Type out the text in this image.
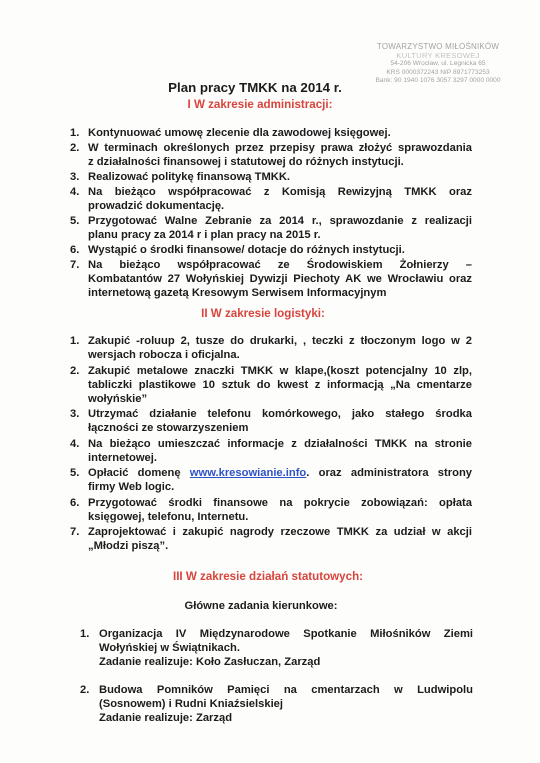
TOWARZYSTWO MIŁOŚNIKÓW
KULTURY KRESOWEJ
54-206 Wrocław, ul. Legnicka 65
KRS 0000372243 NIP 8971773253
Bank: 90 1940 1076 3057 3297 0000 0000
Plan pracy TMKK na 2014 r.
I W zakresie administracji:
1. Kontynuować umowę zlecenie dla zawodowej księgowej.
2. W terminach określonych przez przepisy prawa złożyć sprawozdania
z działalności finansowej i statutowej do różnych instytucji.
3. Realizować politykę finansową TMKK.
4. Na bieżąco współpracować z Komisją Rewizyjną TMKK oraz
prowadzić dokumentację.
5. Przygotować Walne Zebranie za 2014 r., sprawozdanie z realizacji
planu pracy za 2014 r i plan pracy na 2015 r.
6. Wystąpić o środki finansowe/ dotacje do różnych instytucji.
7. Na bieżąco współpracować ze Środowiskiem Żołnierzy –
Kombatantów 27 Wołyńskiej Dywizji Piechoty AK we Wrocławiu oraz
internetową gazetą Kresowym Serwisem Informacyjnym
II W zakresie logistyki:
1. Zakupić -roluup 2, tusze do drukarki, , teczki z tłoczonym logo w 2
wersjach robocza i oficjalna.
2. Zakupić metalowe znaczki TMKK w klape,(koszt potencjalny 10 zlp,
tabliczki plastikowe 10 sztuk do kwest z informacją „Na cmentarze
wołyńskie”
3. Utrzymać działanie telefonu komórkowego, jako stałego środka
łączności ze stowarzyszeniem
4. Na bieżąco umieszczać informacje z działalności TMKK na stronie
internetowej.
5. Opłacić domenę www.kresowianie.info. oraz administratora strony
firmy Web logic.
6. Przygotować środki finansowe na pokrycie zobowiązań: opłata
księgowej, telefonu, Internetu.
7. Zaprojektować i zakupić nagrody rzeczowe TMKK za udział w akcji
„Młodzi piszą”.
III W zakresie działań statutowych:
Główne zadania kierunkowe:
1. Organizacja IV Międzynarodowe Spotkanie Miłośników Ziemi
Wołyńskiej w Świątnikach.
Zadanie realizuje: Koło Zasłuczan, Zarząd
2. Budowa Pomników Pamięci na cmentarzach w Ludwipolu
(Sosnowem) i Rudni Kniaźsielskiej
Zadanie realizuje: Zarząd
